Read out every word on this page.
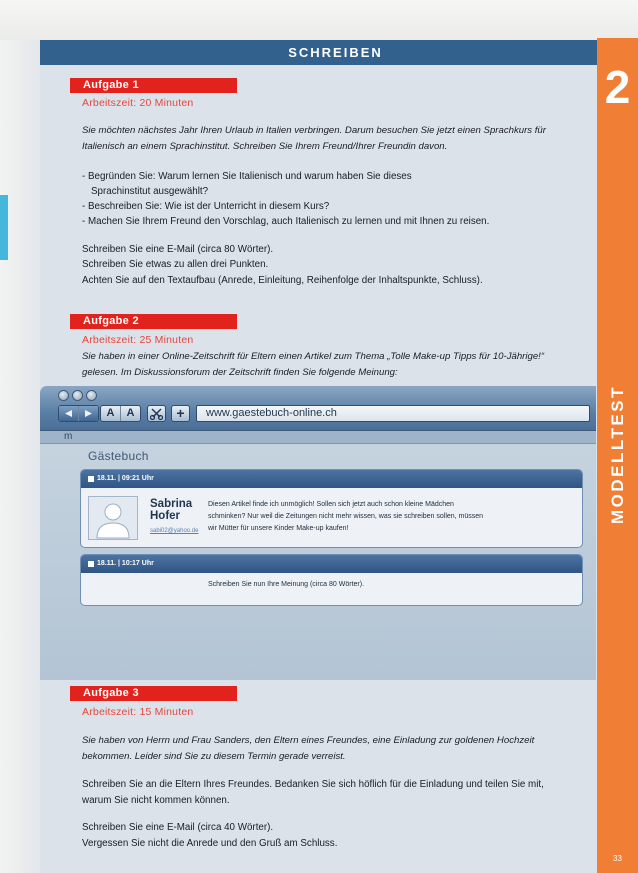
SCHREIBEN
2
MODELLTEST
33
Aufgabe 1
Arbeitszeit: 20 Minuten
Sie möchten nächstes Jahr Ihren Urlaub in Italien verbringen. Darum besuchen Sie jetzt einen Sprachkurs für
Italienisch an einem Sprachinstitut. Schreiben Sie Ihrem Freund/Ihrer Freundin davon.
- Begründen Sie: Warum lernen Sie Italienisch und warum haben Sie dieses
Sprachinstitut ausgewählt?
- Beschreiben Sie: Wie ist der Unterricht in diesem Kurs?
- Machen Sie Ihrem Freund den Vorschlag, auch Italienisch zu lernen und mit Ihnen zu reisen.
Schreiben Sie eine E-Mail (circa 80 Wörter).
Schreiben Sie etwas zu allen drei Punkten.
Achten Sie auf den Textaufbau (Anrede, Einleitung, Reihenfolge der Inhaltspunkte, Schluss).
Aufgabe 2
Arbeitszeit: 25 Minuten
Sie haben in einer Online-Zeitschrift für Eltern einen Artikel zum Thema „Tolle Make-up Tipps für 10-Jährige!“
gelesen. Im Diskussionsforum der Zeitschrift finden Sie folgende Meinung:
A	A	+	www.gaestebuch-online.ch
m
Gästebuch
18.11. | 09:21 Uhr
Sabrina Hofer
sabi02@yahoo.de
Diesen Artikel finde ich unmöglich! Sollen sich jetzt auch schon kleine Mädchen
schminken? Nur weil die Zeitungen nicht mehr wissen, was sie schreiben sollen, müssen
wir Mütter für unsere Kinder Make-up kaufen!
18.11. | 10:17 Uhr
Schreiben Sie nun Ihre Meinung (circa 80 Wörter).
Aufgabe 3
Arbeitszeit: 15 Minuten
Sie haben von Herrn und Frau Sanders, den Eltern eines Freundes, eine Einladung zur goldenen Hochzeit
bekommen. Leider sind Sie zu diesem Termin gerade verreist.
Schreiben Sie an die Eltern Ihres Freundes. Bedanken Sie sich höflich für die Einladung und teilen Sie mit,
warum Sie nicht kommen können.
Schreiben Sie eine E-Mail (circa 40 Wörter).
Vergessen Sie nicht die Anrede und den Gruß am Schluss.
